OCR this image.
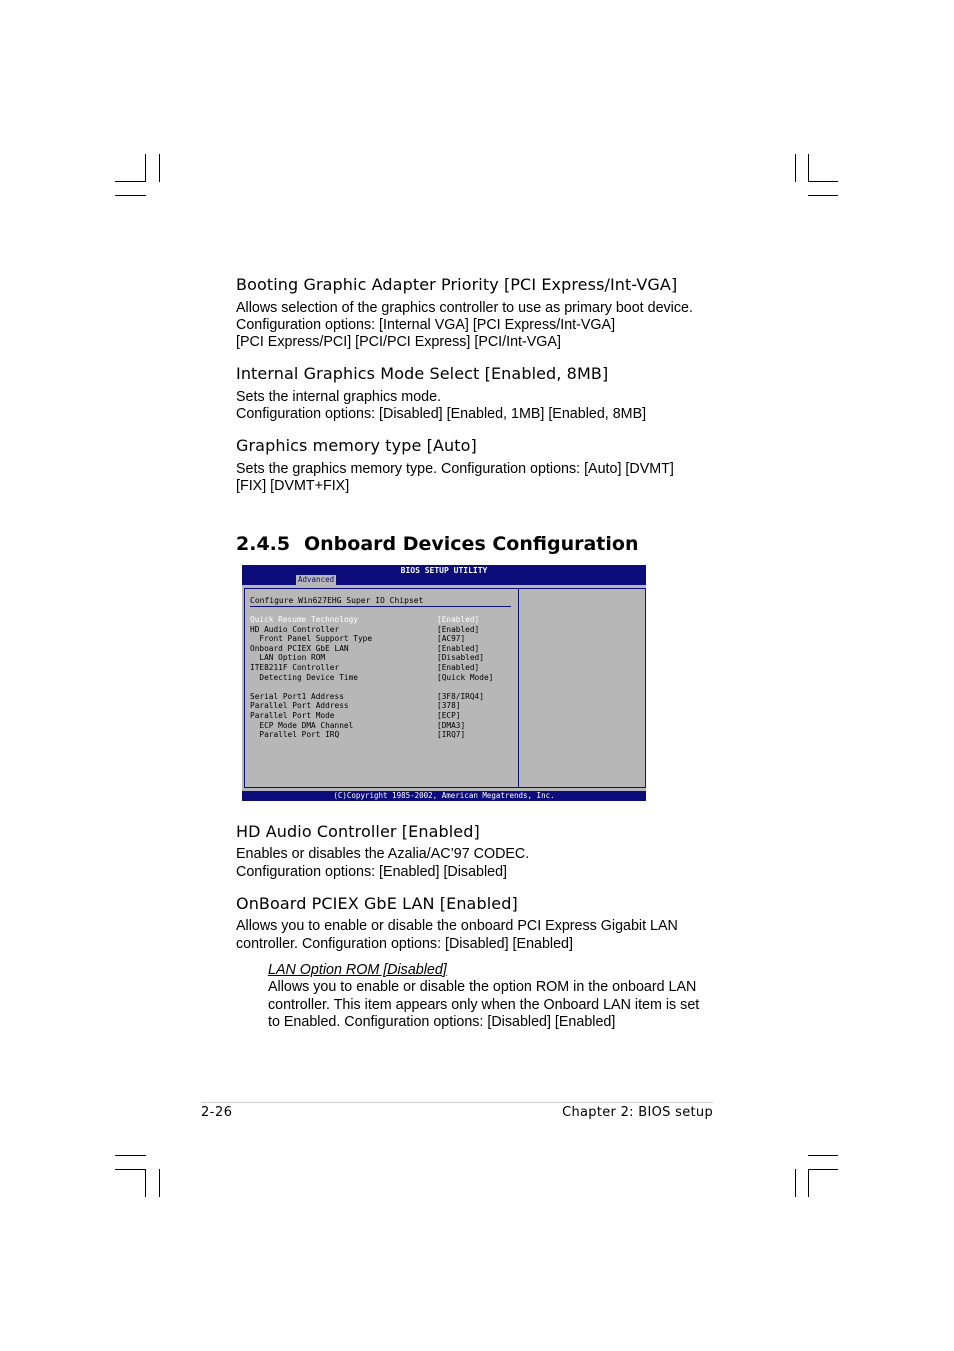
Booting Graphic Adapter Priority [PCI Express/Int-VGA]

Allows selection of the graphics controller to use as primary boot device.

Configuration options: [Internal VGA] [PCI Express/Int-VGA]

[PCI Express/PCI] [PCI/PCI Express] [PCI/Int-VGA]

Internal Graphics Mode Select [Enabled, 8MB]

Sets the internal graphics mode.

Configuration options: [Disabled] [Enabled, 1MB] [Enabled, 8MB]

Graphics memory type [Auto]

Sets the graphics memory type. Configuration options: [Auto] [DVMT]

[FIX] [DVMT+FIX]

2.4.5 Onboard Devices Configuration
BIOS SETUP UTILITY
Advanced
Configure Win627EHG Super IO Chipset
Quick Resume Technology	[Enabled]
HD Audio Controller	[Enabled]
Front Panel Support Type	[AC97]
Onboard PCIEX GbE LAN	[Enabled]
LAN Option ROM	[Disabled]
ITE8211F Controller	[Enabled]
Detecting Device Time	[Quick Mode]
Serial Port1 Address	[3F8/IRQ4]
Parallel Port Address	[378]
Parallel Port Mode	[ECP]
ECP Mode DMA Channel	[DMA3]
Parallel Port IRQ	[IRQ7]
(C)Copyright 1985-2002, American Megatrends, Inc.
HD Audio Controller [Enabled]

Enables or disables the Azalia/AC’97 CODEC.

Configuration options: [Enabled] [Disabled]

OnBoard PCIEX GbE LAN [Enabled]

Allows you to enable or disable the onboard PCI Express Gigabit LAN

controller. Configuration options: [Disabled] [Enabled]

LAN Option ROM [Disabled]

Allows you to enable or disable the option ROM in the onboard LAN

controller. This item appears only when the Onboard LAN item is set

to Enabled. Configuration options: [Disabled] [Enabled]

2-26	Chapter 2: BIOS setup
